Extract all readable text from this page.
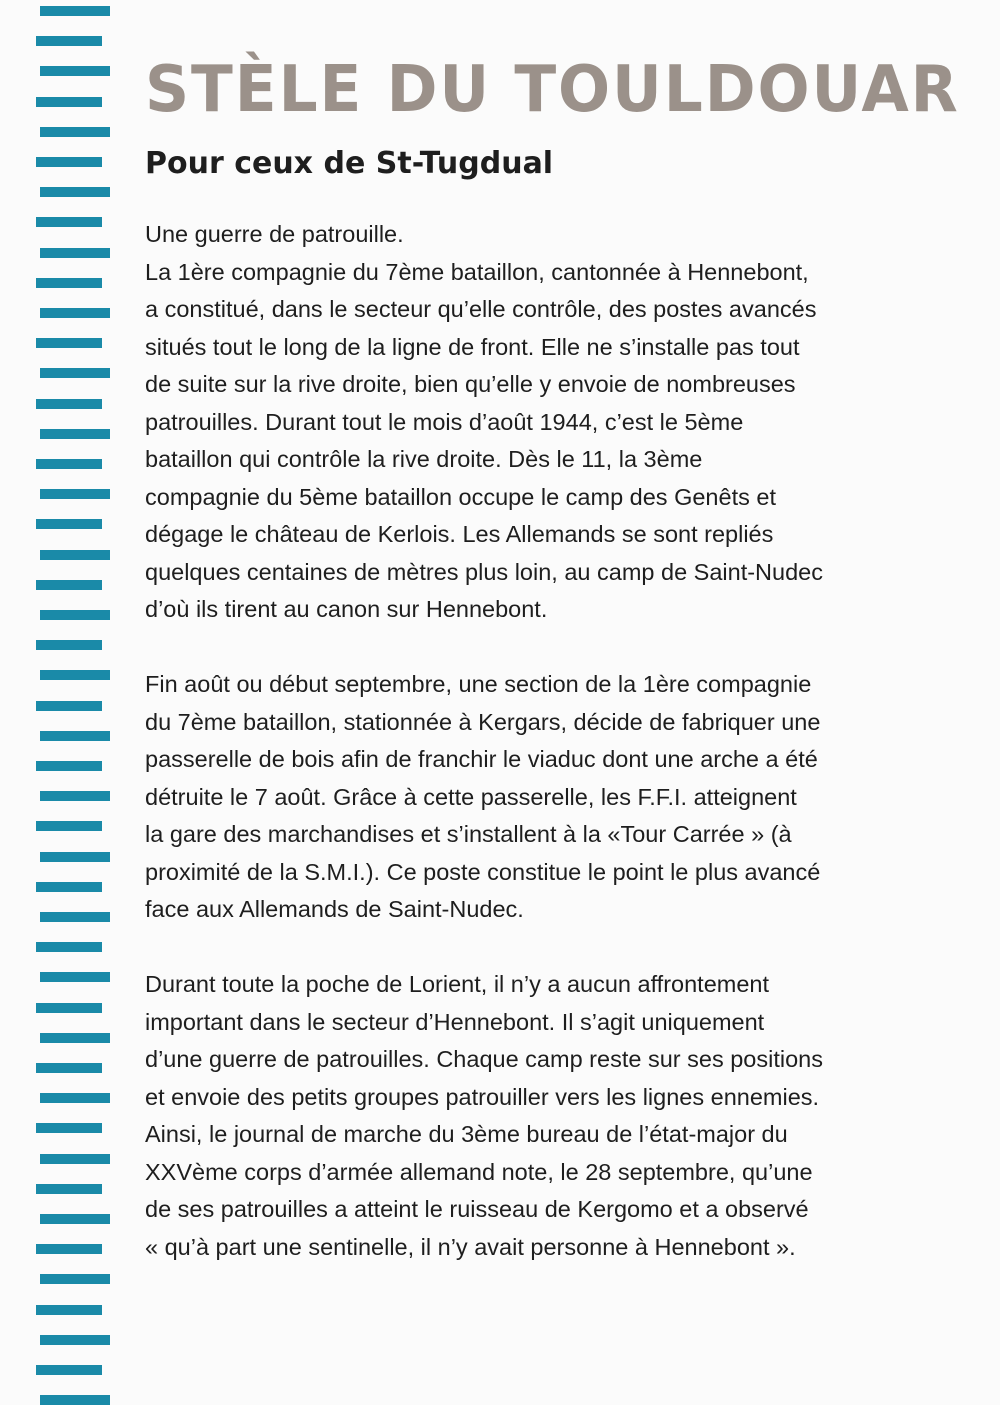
STÈLE DU TOULDOUAR
Pour ceux de St-Tugdual
Une guerre de patrouille.
La 1ère compagnie du 7ème bataillon, cantonnée à Hennebont,
a constitué, dans le secteur qu’elle contrôle, des postes avancés
situés tout le long de la ligne de front. Elle ne s’installe pas tout
de suite sur la rive droite, bien qu’elle y envoie de nombreuses
patrouilles. Durant tout le mois d’août 1944, c’est le 5ème
bataillon qui contrôle la rive droite. Dès le 11, la 3ème
compagnie du 5ème bataillon occupe le camp des Genêts et
dégage le château de Kerlois. Les Allemands se sont repliés
quelques centaines de mètres plus loin, au camp de Saint-Nudec
d’où ils tirent au canon sur Hennebont.
Fin août ou début septembre, une section de la 1ère compagnie
du 7ème bataillon, stationnée à Kergars, décide de fabriquer une
passerelle de bois afin de franchir le viaduc dont une arche a été
détruite le 7 août. Grâce à cette passerelle, les F.F.I. atteignent
la gare des marchandises et s’installent à la «Tour Carrée » (à
proximité de la S.M.I.). Ce poste constitue le point le plus avancé
face aux Allemands de Saint-Nudec.
Durant toute la poche de Lorient, il n’y a aucun affrontement
important dans le secteur d’Hennebont. Il s’agit uniquement
d’une guerre de patrouilles. Chaque camp reste sur ses positions
et envoie des petits groupes patrouiller vers les lignes ennemies.
Ainsi, le journal de marche du 3ème bureau de l’état-major du
XXVème corps d’armée allemand note, le 28 septembre, qu’une
de ses patrouilles a atteint le ruisseau de Kergomo et a observé
« qu’à part une sentinelle, il n’y avait personne à Hennebont ».
